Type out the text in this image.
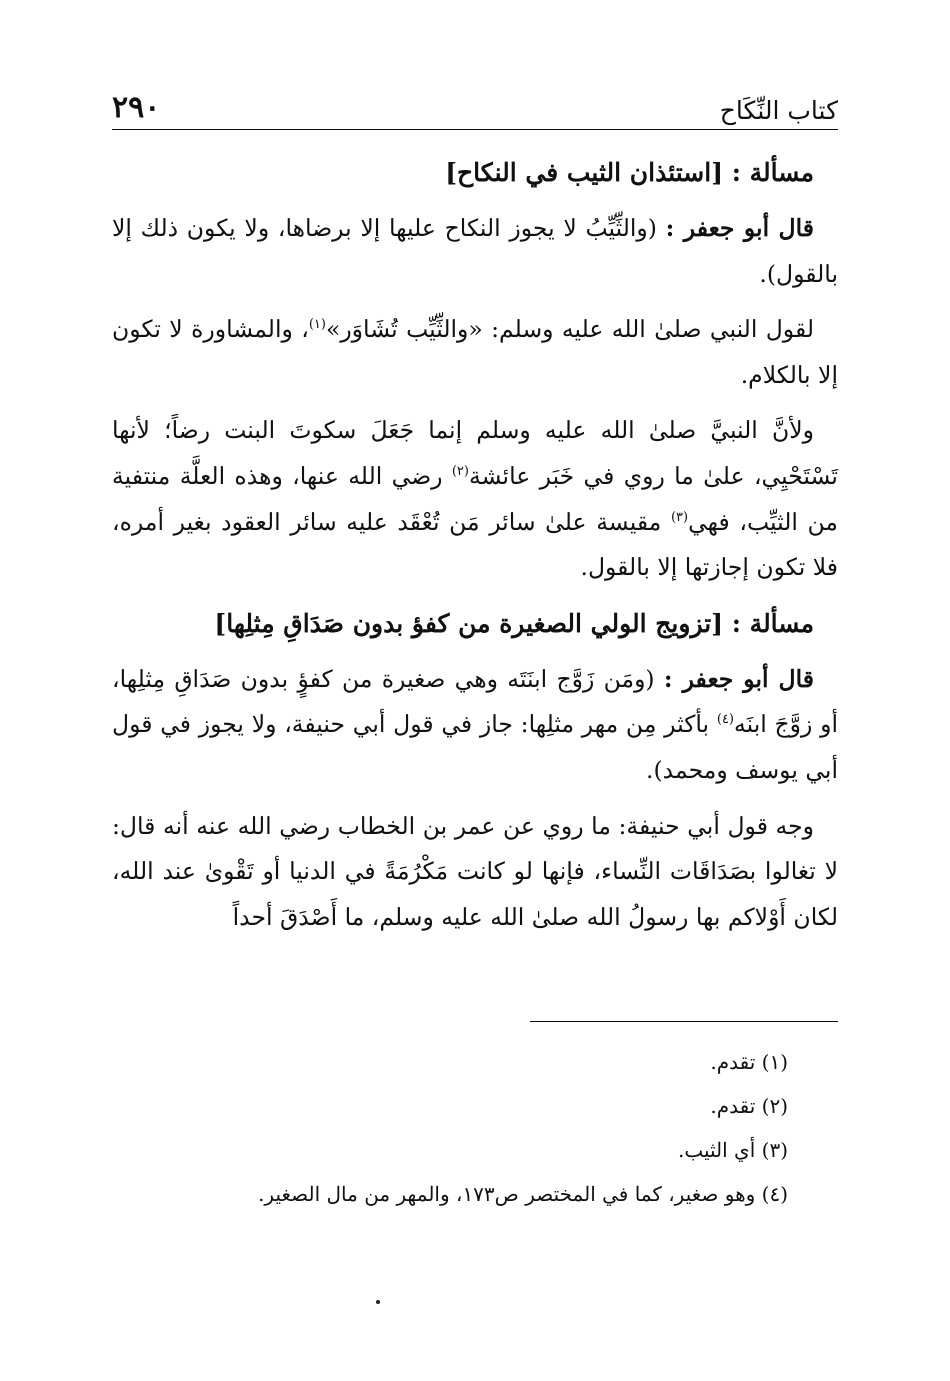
كتاب النِّكَاح
٢٩٠
مسألة : [استئذان الثيب في النكاح]

قال أبو جعفر : (والثِّيِّبُ لا يجوز النكاح عليها إلا برضاها، ولا يكون ذلك إلا بالقول).

لقول النبي صلىٰ الله عليه وسلم: «والثِّيِّب تُشَاوَر»$^{(١)}$، والمشاورة لا تكون إلا بالكلام.

ولأنَّ النبيَّ صلىٰ الله عليه وسلم إنما جَعَلَ سكوتَ البنت رضاً؛ لأنها تَسْتَحْيِي، علىٰ ما روي في خَبَر عائشة$^{(٢)}$ رضي الله عنها، وهذه العلَّة منتفية من الثيِّب، فهي$^{(٣)}$ مقيسة علىٰ سائر مَن تُعْقَد عليه سائر العقود بغير أمره، فلا تكون إجازتها إلا بالقول.

مسألة : [تزويج الولي الصغيرة من كفؤ بدون صَدَاقِ مِثلِها]

قال أبو جعفر : (ومَن زَوَّج ابنَتَه وهي صغيرة من كفؤٍ بدون صَدَاقِ مِثلِها، أو زوَّجَ ابنَه$^{(٤)}$ بأكثر مِن مهر مثلِها: جاز في قول أبي حنيفة، ولا يجوز في قول أبي يوسف ومحمد).

وجه قول أبي حنيفة: ما روي عن عمر بن الخطاب رضي الله عنه أنه قال: لا تغالوا بصَدَاقَات النِّساء، فإنها لو كانت مَكْرُمَةً في الدنيا أو تَقْوىٰ عند الله، لكان أَوْلاكم بها رسولُ الله صلىٰ الله عليه وسلم، ما أَصْدَقَ أحداً

(١) تقدم.
(٢) تقدم.
(٣) أي الثيب.
(٤) وهو صغير، كما في المختصر ص١٧٣، والمهر من مال الصغير.
